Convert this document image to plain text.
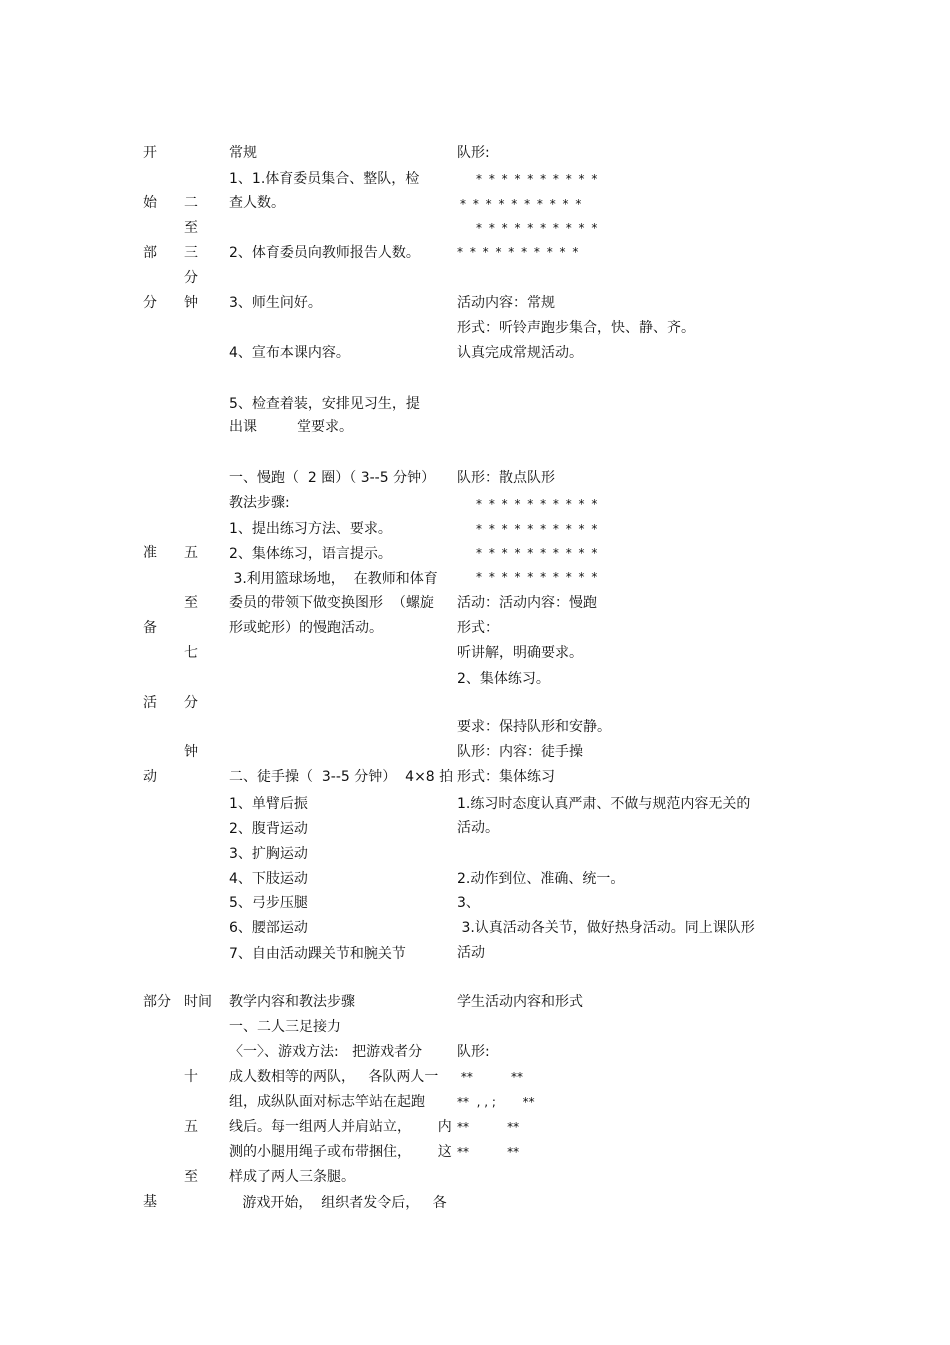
开
始
部
分
二
至
三
分
钟
常规
1、1.体育委员集合、整队，检
查人数。
2、体育委员向教师报告人数。
3、师生问好。
4、宣布本课内容。
5、检查着装，安排见习生，提
出课         堂要求。
队形:
* * * * * * * * * *
* * * * * * * * * *
* * * * * * * * * *
* * * * * * * * * *
活动内容：常规
形式：听铃声跑步集合，快、静、齐。
认真完成常规活动。
准
备
活
动
五
至
七
分
钟
一、慢跑（  2 圈）（ 3--5 分钟）
教法步骤:
1、提出练习方法、要求。
2、集体练习，语言提示。
3.利用篮球场地，  在教师和体育
委员的带领下做变换图形  （螺旋
形或蛇形）的慢跑活动。
二、徒手操（  3--5 分钟）  4×8 拍
1、单臂后振
2、腹背运动
3、扩胸运动
4、下肢运动
5、弓步压腿
6、腰部运动
7、自由活动踝关节和腕关节
队形：散点队形
* * * * * * * * * *
* * * * * * * * * *
* * * * * * * * * *
* * * * * * * * * *
活动：活动内容：慢跑
形式：
听讲解，明确要求。
2、集体练习。
要求：保持队形和安静。
队形：内容：徒手操
形式：集体练习
1.练习时态度认真严肃、不做与规范内容无关的
活动。
2.动作到位、准确、统一。
3、
3.认真活动各关节，做好热身活动。同上课队形
活动
部分 时间 教学内容和教法步骤	学生活动内容和形式
基
十
五
至
一、二人三足接力
〈一〉、游戏方法:   把游戏者分
成人数相等的两队，   各队两人一
组，成纵队面对标志竿站在起跑
线后。每一组两人并肩站立，      内
测的小腿用绳子或布带捆住，      这
样成了两人三条腿。
游戏开始，  组织者发令后，   各
队形:
**          **
**  , , ;       **
**          **
**          **
